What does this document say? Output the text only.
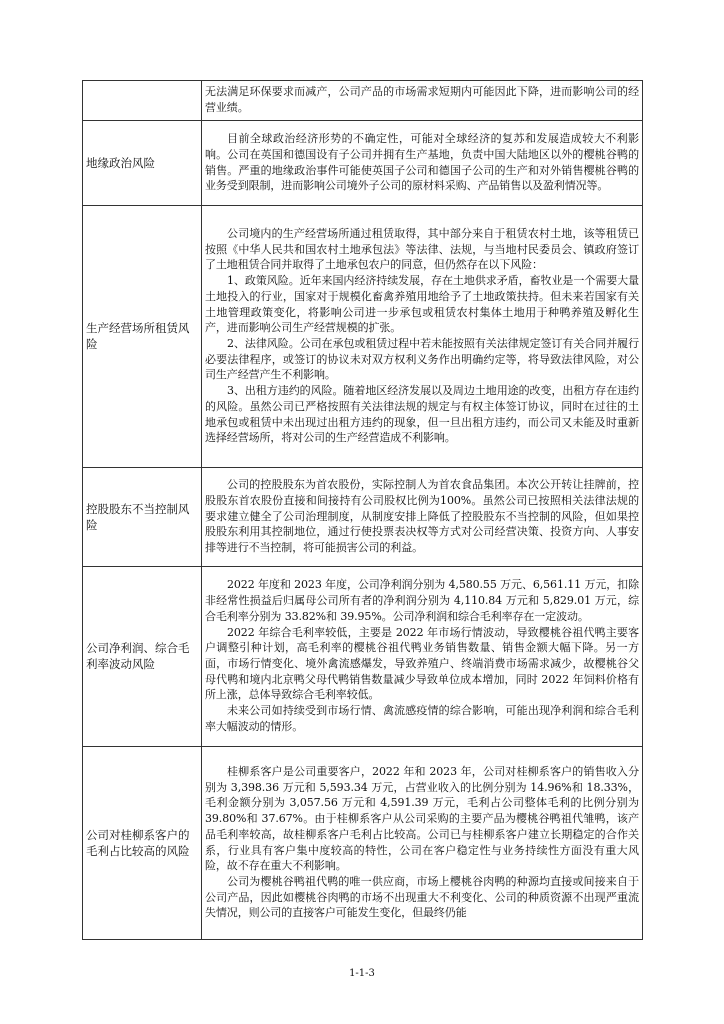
	无法满足环保要求而减产，公司产品的市场需求短期内可能因此下降，进而影响公司的经营业绩。

地缘政治风险	目前全球政治经济形势的不确定性，可能对全球经济的复苏和发展造成较大不利影响。公司在英国和德国设有子公司并拥有生产基地，负责中国大陆地区以外的樱桃谷鸭的销售。严重的地缘政治事件可能使英国子公司和德国子公司的生产和对外销售樱桃谷鸭的业务受到限制，进而影响公司境外子公司的原材料采购、产品销售以及盈利情况等。

生产经营场所租赁风险	公司境内的生产经营场所通过租赁取得，其中部分来自于租赁农村土地，该等租赁已按照《中华人民共和国农村土地承包法》等法律、法规，与当地村民委员会、镇政府签订了土地租赁合同并取得了土地承包农户的同意，但仍然存在以下风险：

1、政策风险。近年来国内经济持续发展，存在土地供求矛盾，畜牧业是一个需要大量土地投入的行业，国家对于规模化畜禽养殖用地给予了土地政策扶持。但未来若国家有关土地管理政策变化，将影响公司进一步承包或租赁农村集体土地用于种鸭养殖及孵化生产，进而影响公司生产经营规模的扩张。

2、法律风险。公司在承包或租赁过程中若未能按照有关法律规定签订有关合同并履行必要法律程序，或签订的协议未对双方权利义务作出明确约定等，将导致法律风险，对公司生产经营产生不利影响。

3、出租方违约的风险。随着地区经济发展以及周边土地用途的改变，出租方存在违约的风险。虽然公司已严格按照有关法律法规的规定与有权主体签订协议，同时在过往的土地承包或租赁中未出现过出租方违约的现象，但一旦出租方违约，而公司又未能及时重新选择经营场所，将对公司的生产经营造成不利影响。

控股股东不当控制风险	公司的控股股东为首农股份，实际控制人为首农食品集团。本次公开转让挂牌前，控股股东首农股份直接和间接持有公司股权比例为100%。虽然公司已按照相关法律法规的要求建立健全了公司治理制度，从制度安排上降低了控股股东不当控制的风险，但如果控股股东利用其控制地位，通过行使投票表决权等方式对公司经营决策、投资方向、人事安排等进行不当控制，将可能损害公司的利益。

公司净利润、综合毛利率波动风险	2022 年度和 2023 年度，公司净利润分别为 4,580.55 万元、6,561.11 万元，扣除非经常性损益后归属母公司所有者的净利润分别为 4,110.84 万元和 5,829.01 万元，综合毛利率分别为 33.82%和 39.95%。公司净利润和综合毛利率存在一定波动。

2022 年综合毛利率较低，主要是 2022 年市场行情波动，导致樱桃谷祖代鸭主要客户调整引种计划，高毛利率的樱桃谷祖代鸭业务销售数量、销售金额大幅下降。另一方面，市场行情变化、境外禽流感爆发，导致养殖户、终端消费市场需求减少，故樱桃谷父母代鸭和境内北京鸭父母代鸭销售数量减少导致单位成本增加，同时 2022 年饲料价格有所上涨，总体导致综合毛利率较低。

未来公司如持续受到市场行情、禽流感疫情的综合影响，可能出现净利润和综合毛利率大幅波动的情形。

公司对桂柳系客户的毛利占比较高的风险	桂柳系客户是公司重要客户，2022 年和 2023 年，公司对桂柳系客户的销售收入分别为 3,398.36 万元和 5,593.34 万元，占营业收入的比例分别为 14.96%和 18.33%，毛利金额分别为 3,057.56 万元和 4,591.39 万元，毛利占公司整体毛利的比例分别为 39.80%和 37.67%。由于桂柳系客户从公司采购的主要产品为樱桃谷鸭祖代雏鸭，该产品毛利率较高，故桂柳系客户毛利占比较高。公司已与桂柳系客户建立长期稳定的合作关系，行业具有客户集中度较高的特性，公司在客户稳定性与业务持续性方面没有重大风险，故不存在重大不利影响。

公司为樱桃谷鸭祖代鸭的唯一供应商，市场上樱桃谷肉鸭的种源均直接或间接来自于公司产品，因此如樱桃谷肉鸭的市场不出现重大不利变化、公司的种质资源不出现严重流失情况，则公司的直接客户可能发生变化，但最终仍能

1-1-3
